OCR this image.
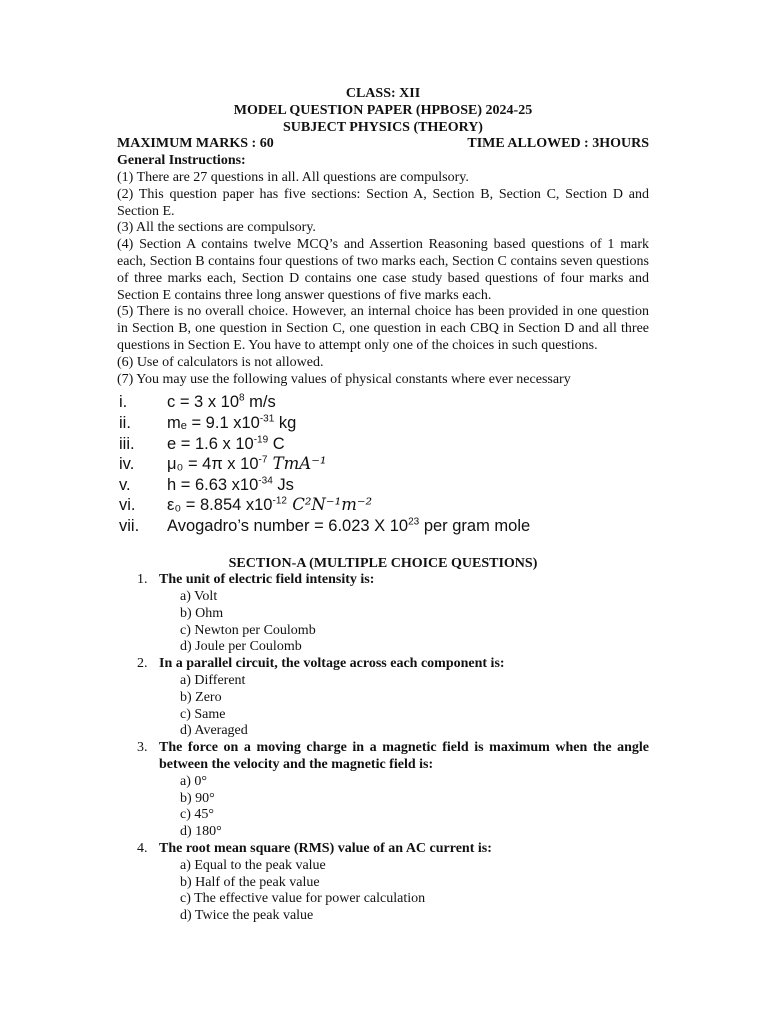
CLASS: XII
MODEL QUESTION PAPER (HPBOSE) 2024-25
SUBJECT PHYSICS (THEORY)
MAXIMUM MARKS : 60	TIME ALLOWED : 3HOURS
General Instructions:
(1) There are 27 questions in all. All questions are compulsory.
(2) This question paper has five sections: Section A, Section B, Section C, Section D and Section E.
(3) All the sections are compulsory.
(4) Section A contains twelve MCQ’s and Assertion Reasoning based questions of 1 mark each, Section B contains four questions of two marks each, Section C contains seven questions of three marks each, Section D contains one case study based questions of four marks and Section E contains three long answer questions of five marks each.
(5) There is no overall choice. However, an internal choice has been provided in one question in Section B, one question in Section C, one question in each CBQ in Section D and all three questions in Section E. You have to attempt only one of the choices in such questions.
(6) Use of calculators is not allowed.
(7) You may use the following values of physical constants where ever necessary
i.	c = 3 x $10^8$ m/s
ii.	mₑ = 9.1 $x10^{-31}$ kg
iii.	e = 1.6 x $10^{-19}$ C
iv.	μ₀ = 4π x $10^{-7}$ TmA⁻¹
v.	h = 6.63 $x10^{-34}$ Js
vi.	ε₀ = 8.854 $x10^{-12}$ C²N⁻¹m⁻²
vii.	Avogadro’s number = 6.023 X $10^{23}$ per gram mole
SECTION-A (MULTIPLE CHOICE QUESTIONS)
1. The unit of electric field intensity is:
a) Volt
b) Ohm
c) Newton per Coulomb
d) Joule per Coulomb
2. In a parallel circuit, the voltage across each component is:
a) Different
b) Zero
c) Same
d) Averaged
3. The force on a moving charge in a magnetic field is maximum when the angle between the velocity and the magnetic field is:
a) 0°
b) 90°
c) 45°
d) 180°
4. The root mean square (RMS) value of an AC current is:
a) Equal to the peak value
b) Half of the peak value
c) The effective value for power calculation
d) Twice the peak value
